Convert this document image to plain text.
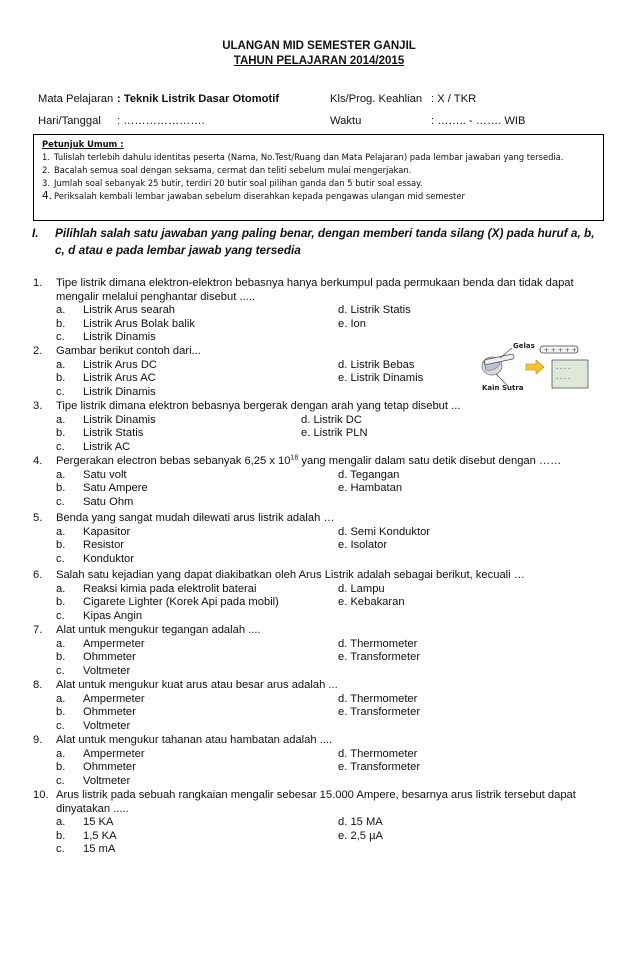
ULANGAN MID SEMESTER GANJIL
TAHUN PELAJARAN 2014/2015
Mata Pelajaran : Teknik Listrik Dasar Otomotif	Kls/Prog. Keahlian : X / TKR
Hari/Tanggal : ………………….	Waktu	: …….. - ……. WIB
Petunjuk Umum :
1. Tulislah terlebih dahulu identitas peserta (Nama, No.Test/Ruang dan Mata Pelajaran) pada lembar jawaban yang tersedia.
2. Bacalah semua soal dengan seksama, cermat dan teliti sebelum mulai mengerjakan.
3. Jumlah soal sebanyak 25 butir, terdiri 20 butir soal pilihan ganda dan 5 butir soal essay.
4. Periksalah kembali lembar jawaban sebelum diserahkan kepada pengawas ulangan mid semester
I. Pilihlah salah satu jawaban yang paling benar, dengan memberi tanda silang (X) pada huruf a, b, c, d atau e pada lembar jawab yang tersedia
1. Tipe listrik dimana elektron-elektron bebasnya hanya berkumpul pada permukaan benda dan tidak dapat mengalir melalui penghantar disebut .....
a. Listrik Arus searah	d. Listrik Statis
b. Listrik Arus Bolak balik	e. Ion
c. Listrik Dinamis
2. Gambar berikut contoh dari...
a. Listrik Arus DC	d. Listrik Bebas
b. Listrik Arus AC	e. Listrik Dinamis
c. Listrik Dinamis
+ + + + +
- - - -
- - - -
Gelas
Kain Sutra
3. Tipe listrik dimana elektron bebasnya bergerak dengan arah yang tetap disebut ...
a. Listrik Dinamis	d. Listrik DC
b. Listrik Statis	e. Listrik PLN
c. Listrik AC
4. Pergerakan electron bebas sebanyak 6,25 x $10^{18}$ yang mengalir dalam satu detik disebut dengan ……
a. Satu volt	d. Tegangan
b. Satu Ampere	e. Hambatan
c. Satu Ohm
5. Benda yang sangat mudah dilewati arus listrik adalah …
a. Kapasitor	d. Semi Konduktor
b. Resistor	e. Isolator
c. Konduktor
6. Salah satu kejadian yang dapat diakibatkan oleh Arus Listrik adalah sebagai berikut, kecuali …
a. Reaksi kimia pada elektrolit baterai	d. Lampu
b. Cigarete Lighter (Korek Api pada mobil)	e. Kebakaran
c. Kipas Angin
7. Alat untuk mengukur tegangan adalah ....
a. Ampermeter	d. Thermometer
b. Ohmmeter	e. Transformeter
c. Voltmeter
8. Alat untuk mengukur kuat arus atau besar arus adalah ...
a. Ampermeter	d. Thermometer
b. Ohmmeter	e. Transformeter
c. Voltmeter
9. Alat untuk mengukur tahanan atau hambatan adalah ....
a. Ampermeter	d. Thermometer
b. Ohmmeter	e. Transformeter
c. Voltmeter
10. Arus listrik pada sebuah rangkaian mengalir sebesar 15.000 Ampere, besarnya arus listrik tersebut dapat dinyatakan .....
a. 15 KA	d. 15 MA
b. 1,5 KA	e. 2,5 µA
c. 15 mA
